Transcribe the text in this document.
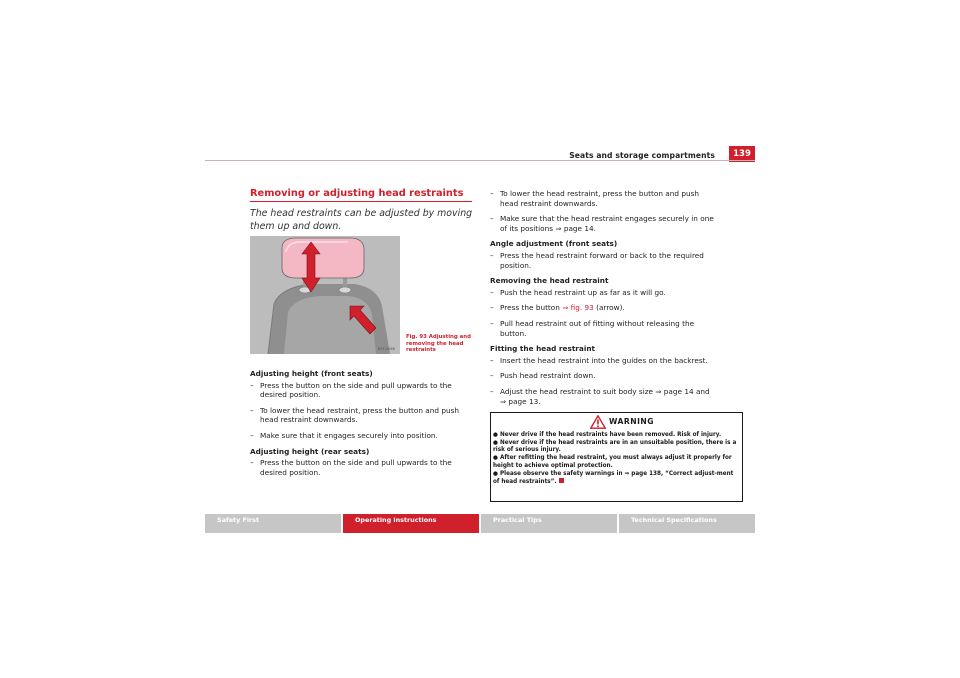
Seats and storage compartments	139
Removing or adjusting head restraints
The head restraints can be adjusted by moving them up and down.
B5F-0066
Fig. 93 Adjusting and removing the head restraints
Adjusting height (front seats)
– Press the button on the side and pull upwards to the desired position.
– To lower the head restraint, press the button and push head restraint downwards.
– Make sure that it engages securely into position.
Adjusting height (rear seats)
– Press the button on the side and pull upwards to the desired position.
– To lower the head restraint, press the button and push head restraint downwards.
– Make sure that the head restraint engages securely in one of its positions ⇒ page 14.
Angle adjustment (front seats)
– Press the head restraint forward or back to the required position.
Removing the head restraint
– Push the head restraint up as far as it will go.
– Press the button ⇒ fig. 93 (arrow).
– Pull head restraint out of fitting without releasing the button.
Fitting the head restraint
– Insert the head restraint into the guides on the backrest.
– Push head restraint down.
– Adjust the head restraint to suit body size ⇒ page 14 and
⇒ page 13.
WARNING
● Never drive if the head restraints have been removed. Risk of injury.
● Never drive if the head restraints are in an unsuitable position, there is a risk of serious injury.
● After refitting the head restraint, you must always adjust it properly for height to achieve optimal protection.
● Please observe the safety warnings in ⇒ page 138, “Correct adjust-ment of head restraints”.
Safety First	Operating instructions	Practical Tips	Technical Specifications
